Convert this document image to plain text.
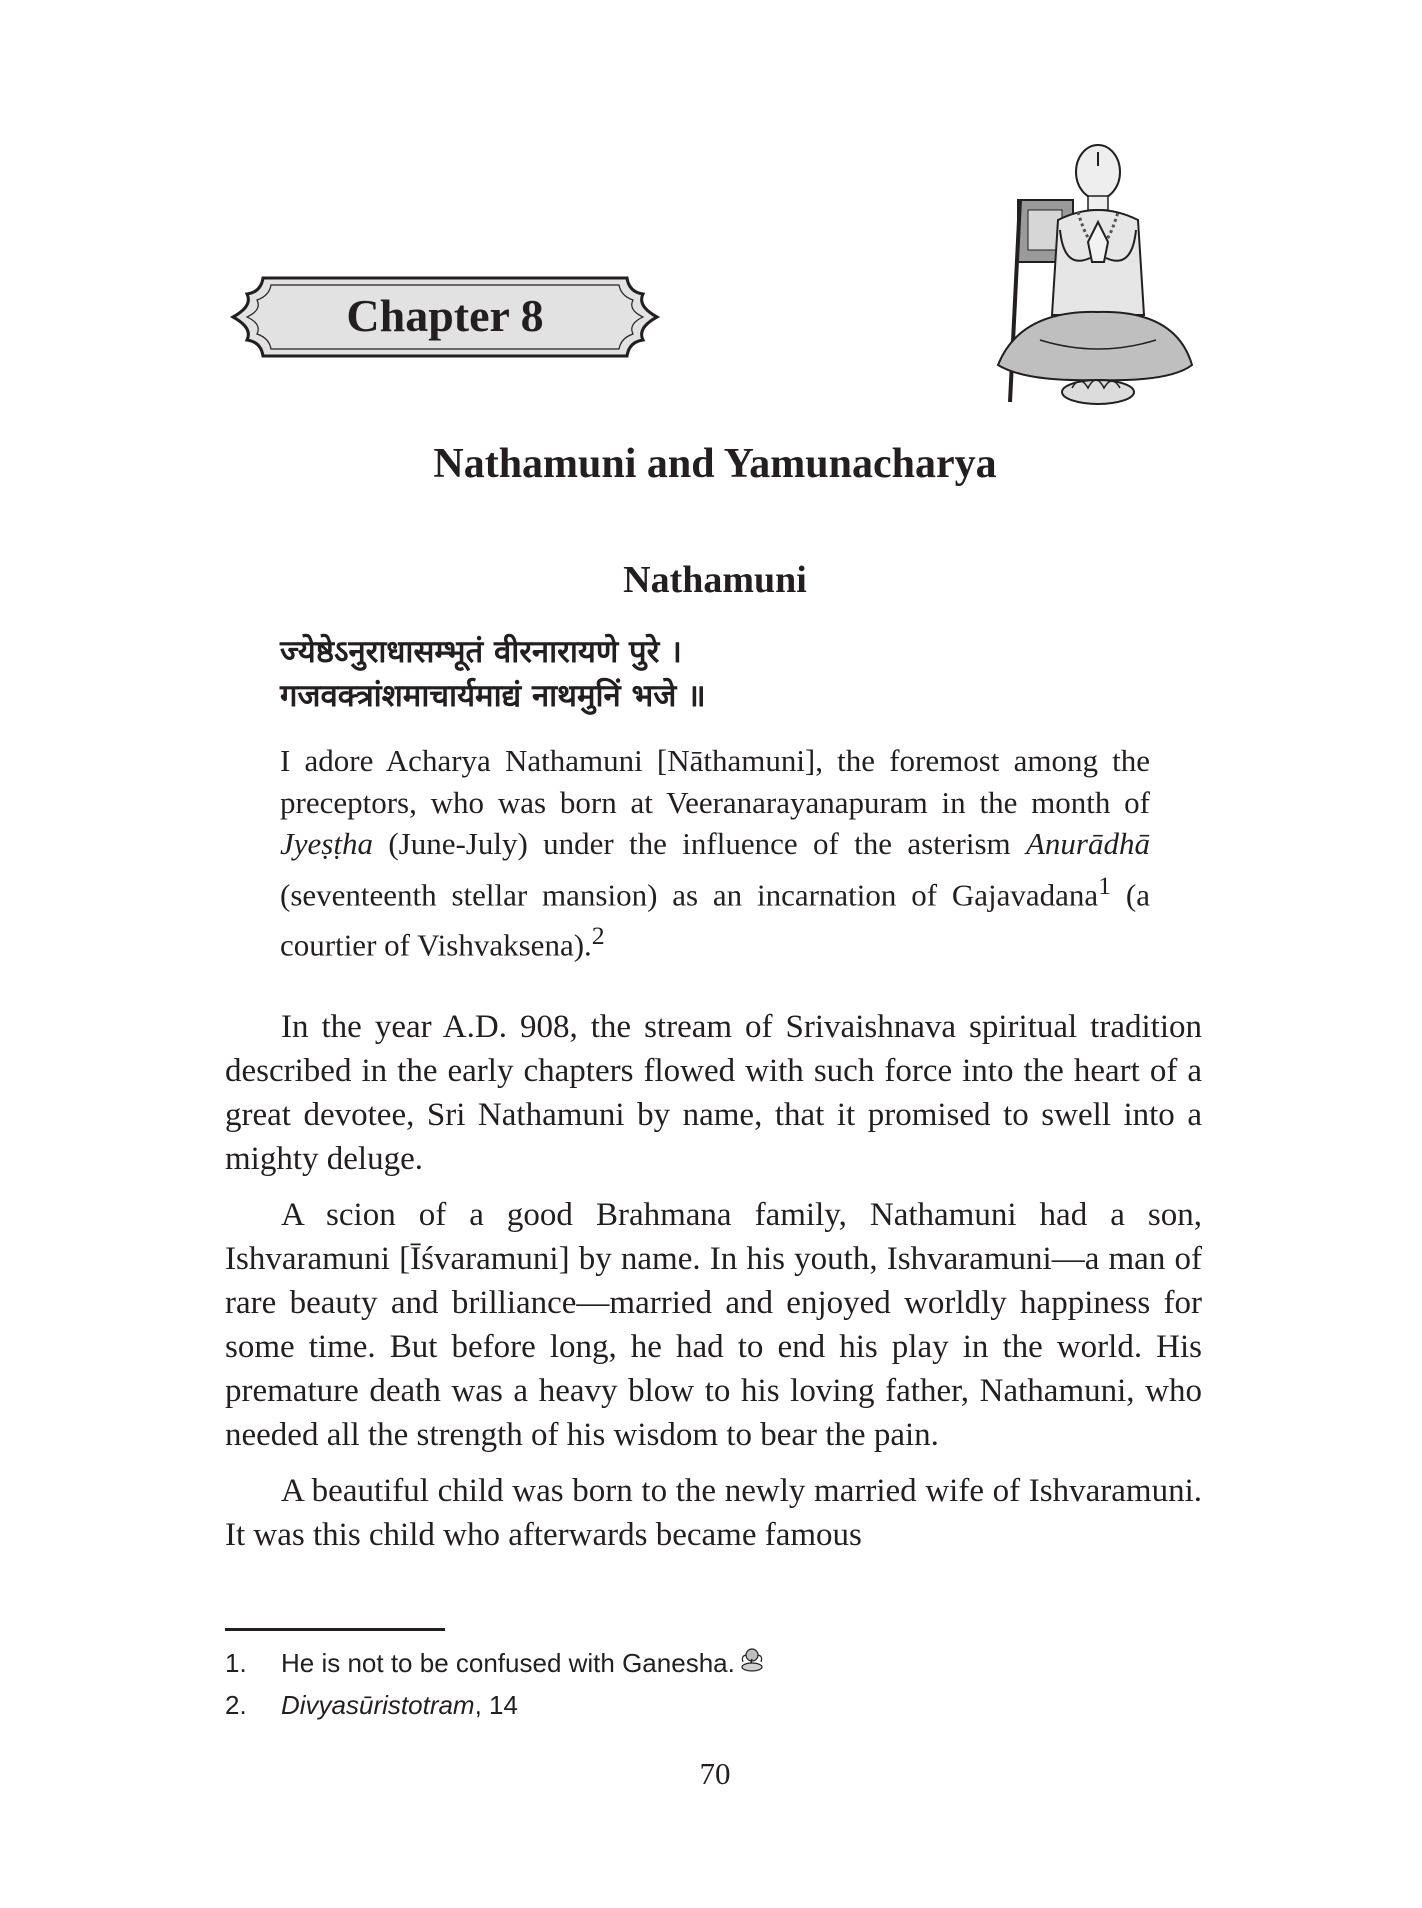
Chapter 8
Nathamuni and Yamunacharya
Nathamuni
ज्येष्ठेऽनुराधासम्भूतं वीरनारायणे पुरे ।
गजवक्त्रांशमाचार्यमाद्यं नाथमुनिं भजे ॥

I adore Acharya Nathamuni [Nāthamuni], the foremost among the preceptors, who was born at Veeranarayanapuram in the month of Jyeṣṭha (June-July) under the influence of the asterism Anurādhā (seventeenth stellar mansion) as an incarnation of Gajavadana$^1$ (a courtier of Vishvaksena).$^2$

In the year A.D. 908, the stream of Srivaishnava spiritual tradition described in the early chapters flowed with such force into the heart of a great devotee, Sri Nathamuni by name, that it promised to swell into a mighty deluge.

A scion of a good Brahmana family, Nathamuni had a son, Ishvaramuni [Īśvaramuni] by name. In his youth, Ishvaramuni—a man of rare beauty and brilliance—married and enjoyed worldly happiness for some time. But before long, he had to end his play in the world. His premature death was a heavy blow to his loving father, Nathamuni, who needed all the strength of his wisdom to bear the pain.

A beautiful child was born to the newly married wife of Ishvaramuni. It was this child who afterwards became famous

1.	He is not to be confused with Ganesha.
2.	Divyasūristotram , 14
70
